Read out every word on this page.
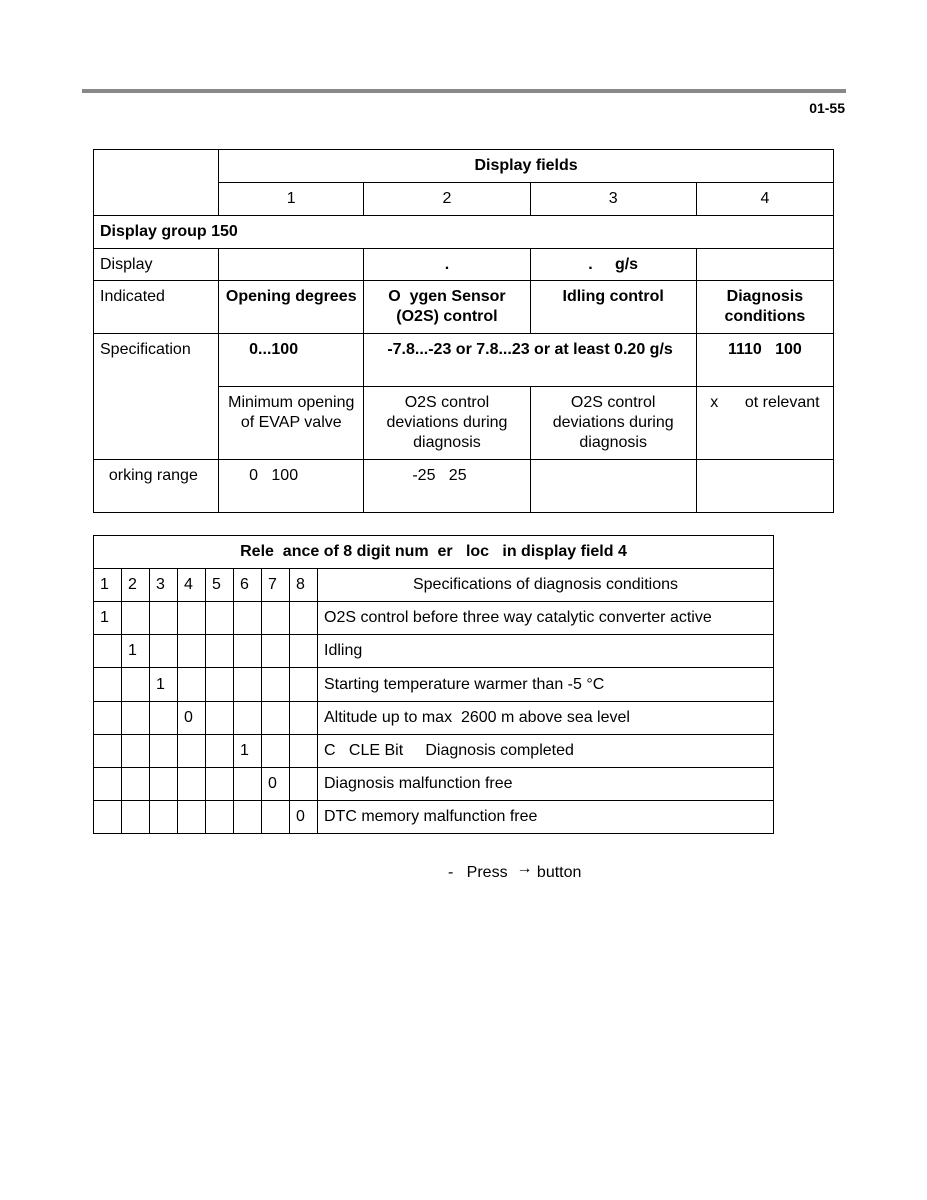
01-55
	Display fields			
	1	2	3	4
Display group 150				
Display		.	.     g/s	
Indicated	Opening degrees	O  ygen Sensor (O2S) control	Idling control	Diagnosis conditions
Specification	0...100	-7.8...-23 or 7.8...23 or at least 0.20 g/s		1110   100
	Minimum opening of EVAP valve	O2S control deviations during diagnosis	O2S control deviations during diagnosis	x      ot relevant
orking range	0   100	-25   25		
Rele  ance of 8 digit num  er   loc   in display field 4								
1	2	3	4	5	6	7	8	Specifications of diagnosis conditions
1								O2S control before three way catalytic converter active
	1							Idling
		1						Starting temperature warmer than -5 °C
			0					Altitude up to max  2600 m above sea level
					1			C   CLE Bit     Diagnosis completed
						0		Diagnosis malfunction free
							0	DTC memory malfunction free
- Press → button
